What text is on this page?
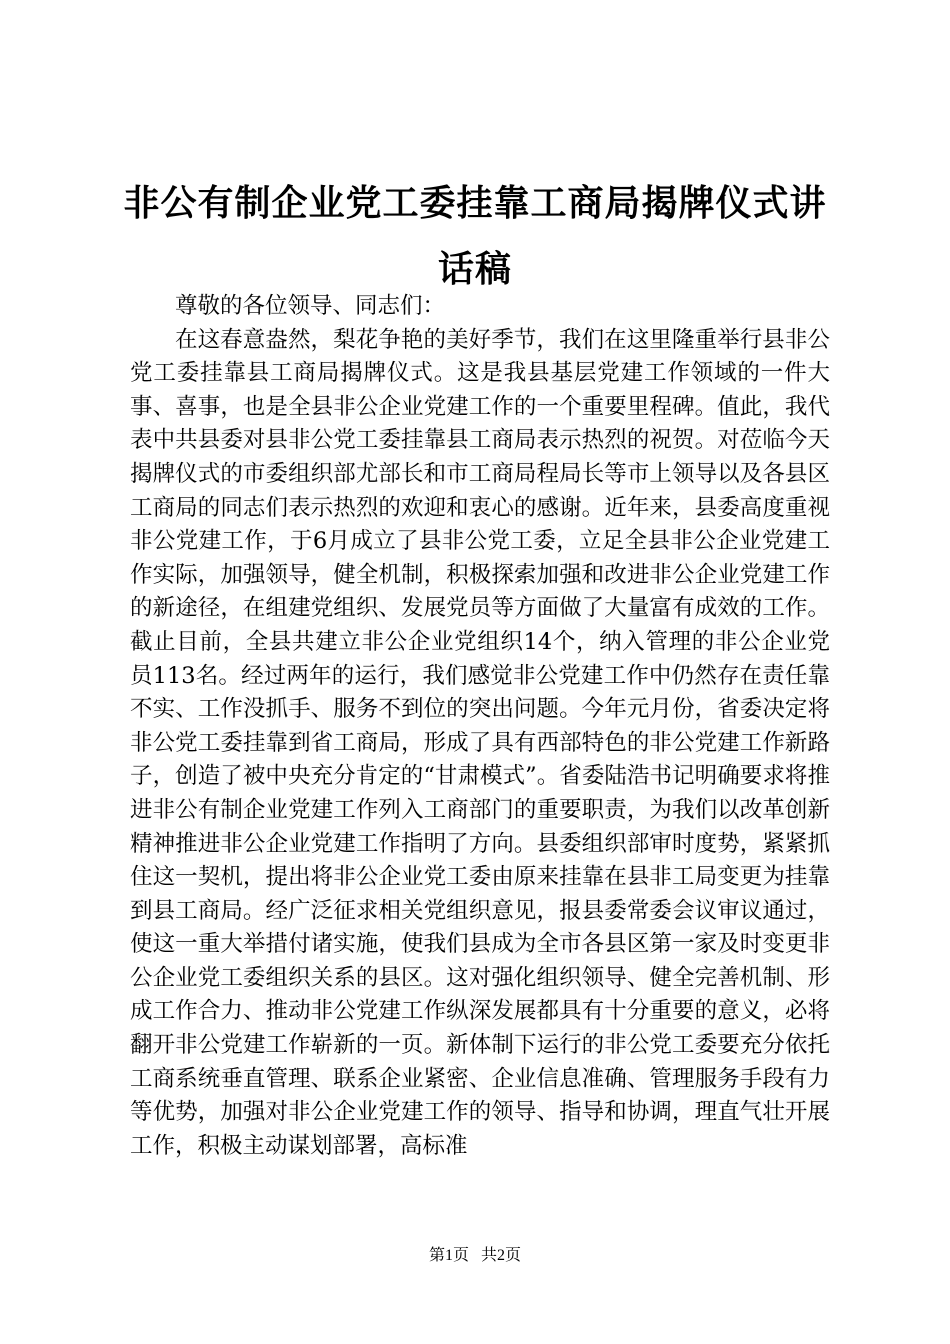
非公有制企业党工委挂靠工商局揭牌仪式讲话稿

尊敬的各位领导、同志们：

在这春意盎然，梨花争艳的美好季节，我们在这里隆重举行县非公党工委挂靠县工商局揭牌仪式。这是我县基层党建工作领域的一件大事、喜事，也是全县非公企业党建工作的一个重要里程碑。值此，我代表中共县委对县非公党工委挂靠县工商局表示热烈的祝贺。对莅临今天揭牌仪式的市委组织部尤部长和市工商局程局长等市上领导以及各县区工商局的同志们表示热烈的欢迎和衷心的感谢。近年来，县委高度重视非公党建工作，于6月成立了县非公党工委，立足全县非公企业党建工作实际，加强领导，健全机制，积极探索加强和改进非公企业党建工作的新途径，在组建党组织、发展党员等方面做了大量富有成效的工作。截止目前，全县共建立非公企业党组织14个，纳入管理的非公企业党员113名。经过两年的运行，我们感觉非公党建工作中仍然存在责任靠不实、工作没抓手、服务不到位的突出问题。今年元月份，省委决定将非公党工委挂靠到省工商局，形成了具有西部特色的非公党建工作新路子，创造了被中央充分肯定的“甘肃模式”。省委陆浩书记明确要求将推进非公有制企业党建工作列入工商部门的重要职责，为我们以改革创新精神推进非公企业党建工作指明了方向。县委组织部审时度势，紧紧抓住这一契机，提出将非公企业党工委由原来挂靠在县非工局变更为挂靠到县工商局。经广泛征求相关党组织意见，报县委常委会议审议通过，使这一重大举措付诸实施，使我们县成为全市各县区第一家及时变更非公企业党工委组织关系的县区。这对强化组织领导、健全完善机制、形成工作合力、推动非公党建工作纵深发展都具有十分重要的意义，必将翻开非公党建工作崭新的一页。新体制下运行的非公党工委要充分依托工商系统垂直管理、联系企业紧密、企业信息准确、管理服务手段有力等优势，加强对非公企业党建工作的领导、指导和协调，理直气壮开展工作，积极主动谋划部署，高标准

第1页 共2页
